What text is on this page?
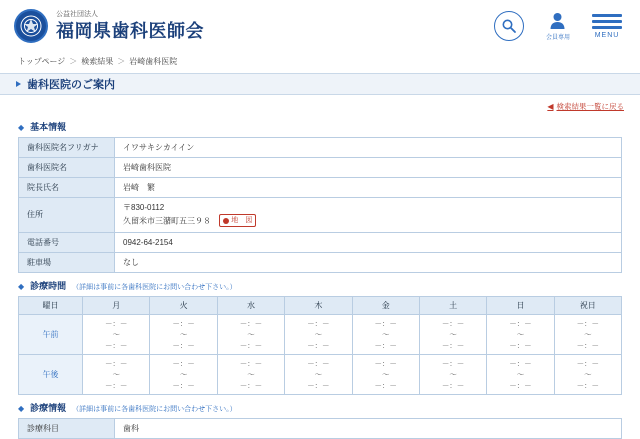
公益社団法人
福岡県歯科医師会	会員専用	MENU
トップページ ＞ 検索結果 ＞ 岩崎歯科医院
歯科医院のご案内
◀ 検索結果一覧に戻る
◆ 基本情報
歯科医院名フリガナ	イワサキシカイイン
歯科医院名	岩崎歯科医院
院長氏名	岩崎　繁
住所	〒830-0112
久留米市三潴町五三９８ 地　図

電話番号	0942-64-2154
駐車場	なし
◆ 診療時間 （詳細は事前に各歯科医院にお問い合わせ下さい。）
曜日	月	火	水	木	金	土	日	祝日
午前	－：－
～
－：－	－：－
～
－：－	－：－
～
－：－	－：－
～
－：－	－：－
～
－：－	－：－
～
－：－	－：－
～
－：－	－：－
～
－：－

午後	－：－
～
－：－	－：－
～
－：－	－：－
～
－：－	－：－
～
－：－	－：－
～
－：－	－：－
～
－：－	－：－
～
－：－	－：－
～
－：－
◆ 診療情報 （詳細は事前に各歯科医院にお問い合わせ下さい。）
診療科目	歯科
